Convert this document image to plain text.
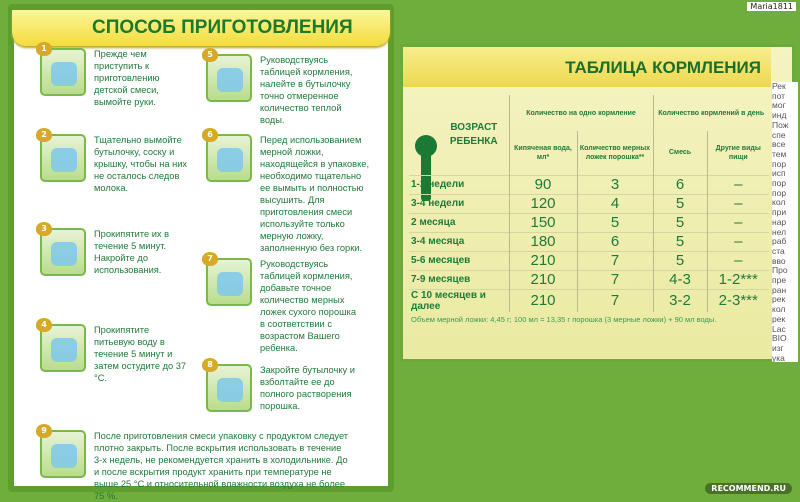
СПОСОБ ПРИГОТОВЛЕНИЯ
1
Прежде чем
приступить к
приготовлению
детской смеси,
вымойте руки.
2
Тщательно вымойте
бутылочку, соску и
крышку, чтобы на них
не осталось следов
молока.
3
Прокипятите их в
течение 5 минут.
Накройте до
использования.
4
Прокипятите
питьевую воду в
течение 5 минут и
затем остудите до 37
°С.
5
Руководствуясь
таблицей кормления,
налейте в бутылочку
точно отмеренное
количество теплой
воды.
6
Перед использованием
мерной ложки,
находящейся в упаковке,
необходимо тщательно
ее вымыть и полностью
высушить. Для
приготовления смеси
используйте только
мерную ложку,
заполненную без горки.
7
Руководствуясь
таблицей кормления,
добавьте точное
количество мерных
ложек сухого порошка
в соответствии с
возрастом Вашего
ребенка.
8
Закройте бутылочку и
взболтайте ее до
полного растворения
порошка.
9
После приготовления смеси упаковку с продуктом следует
плотно закрыть. После вскрытия использовать в течение
3-х недель, не рекомендуется хранить в холодильнике. До
и после вскрытия продукт хранить при температуре не
выше 25 °С и относительной влажности воздуха не более
75 %.
ТАБЛИЦА КОРМЛЕНИЯ
ВОЗРАСТ РЕБЕНКА	Количество на одно кормление		Количество кормлений в день	
	Кипяченая вода, мл*	Количество мерных ложек порошка**	Смесь	Другие виды пищи
1-2 недели	90	3	6	–
3-4 недели	120	4	5	–
2 месяца	150	5	5	–
3-4 месяца	180	6	5	–
5-6 месяцев	210	7	5	–
7-9 месяцев	210	7	4-3	1-2***
С 10 месяцев и далее	210	7	3-2	2-3***
Объем мерной ложки: 4,45 г; 100 мл = 13,35 г порошка (3 мерные ложки) + 90 мл воды.
Рек
пот
мог
инд
Пож
спе
все
тем
пор
исп
пор
пор
кол
при
нар
нел
раб
ста
вво
Про
пре
ран
рек
кол
рек
Lac
BIO
изг
ука
Maria1811
RECOMMEND.RU
